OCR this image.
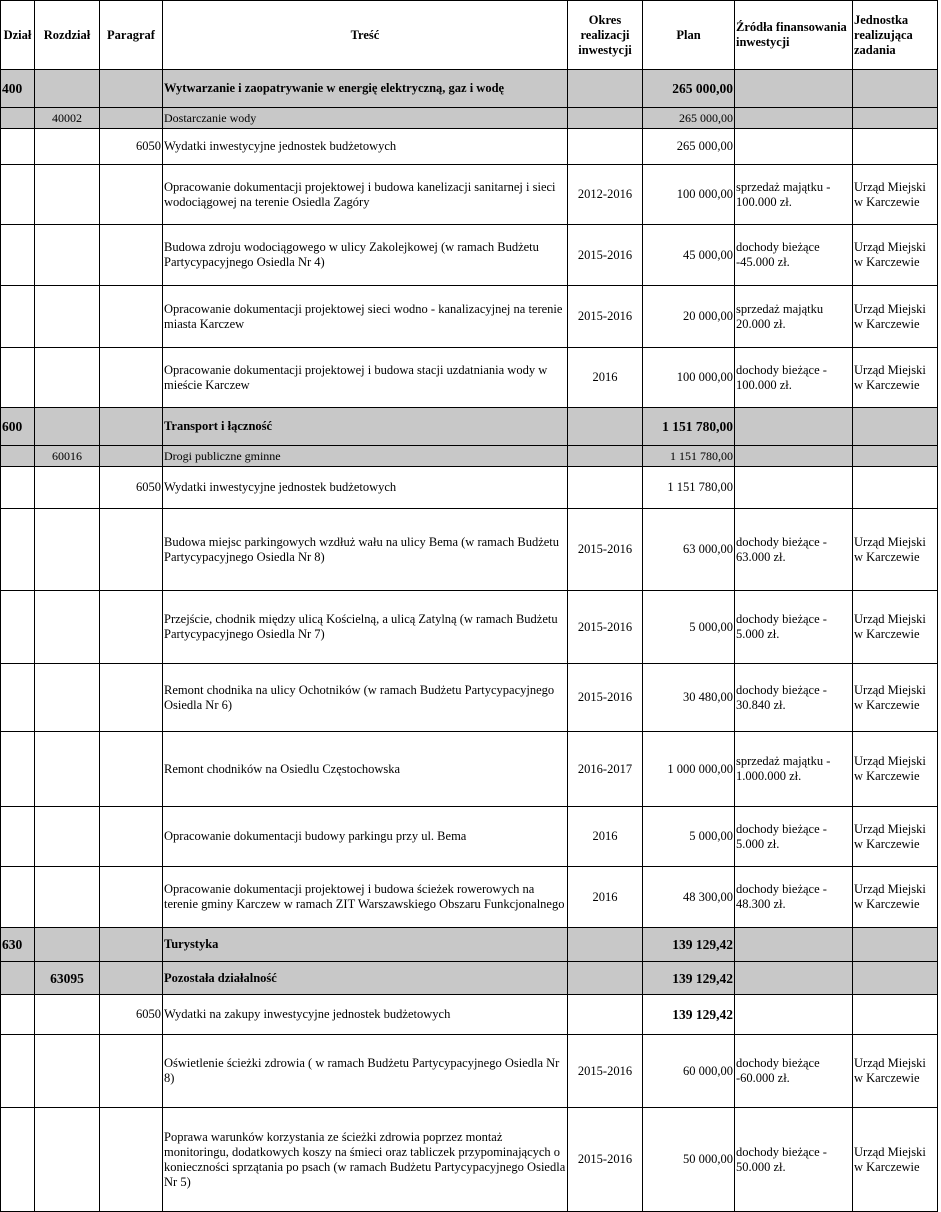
Dział	Rozdział	Paragraf	Treść	Okres realizacji inwestycji	Plan	Źródła finansowania inwestycji	Jednostka realizująca zadania
400			Wytwarzanie i zaopatrywanie w energię elektryczną, gaz i wodę		265 000,00		
	40002		Dostarczanie wody		265 000,00		
		6050	Wydatki inwestycyjne jednostek budżetowych		265 000,00		
			Opracowanie dokumentacji projektowej i budowa kanelizacji sanitarnej i sieci wodociągowej na terenie Osiedla Zagóry	2012-2016	100 000,00	sprzedaż majątku - 100.000 zł.	Urząd Miejski w Karczewie
			Budowa zdroju wodociągowego w ulicy Zakolejkowej (w ramach Budżetu Partycypacyjnego Osiedla Nr 4)	2015-2016	45 000,00	dochody bieżące -45.000 zł.	Urząd Miejski w Karczewie
			Opracowanie dokumentacji projektowej sieci wodno - kanalizacyjnej na terenie miasta Karczew	2015-2016	20 000,00	sprzedaż majątku 20.000 zł.	Urząd Miejski w Karczewie
			Opracowanie dokumentacji projektowej i budowa stacji uzdatniania wody w mieście Karczew	2016	100 000,00	dochody bieżące - 100.000 zł.	Urząd Miejski w Karczewie
600			Transport i łączność		1 151 780,00		
	60016		Drogi publiczne gminne		1 151 780,00		
		6050	Wydatki inwestycyjne jednostek budżetowych		1 151 780,00		
			Budowa miejsc parkingowych wzdłuż wału na ulicy Bema (w ramach Budżetu Partycypacyjnego Osiedla Nr 8)	2015-2016	63 000,00	dochody bieżące - 63.000 zł.	Urząd Miejski w Karczewie
			Przejście, chodnik między ulicą Kościelną, a ulicą Zatylną (w ramach Budżetu Partycypacyjnego Osiedla Nr 7)	2015-2016	5 000,00	dochody bieżące - 5.000 zł.	Urząd Miejski w Karczewie
			Remont chodnika na ulicy Ochotników (w ramach Budżetu Partycypacyjnego Osiedla Nr 6)	2015-2016	30 480,00	dochody bieżące - 30.840 zł.	Urząd Miejski w Karczewie
			Remont chodników na Osiedlu Częstochowska	2016-2017	1 000 000,00	sprzedaż majątku - 1.000.000 zł.	Urząd Miejski w Karczewie
			Opracowanie dokumentacji budowy parkingu przy ul. Bema	2016	5 000,00	dochody bieżące - 5.000 zł.	Urząd Miejski w Karczewie
			Opracowanie dokumentacji projektowej i budowa ścieżek rowerowych na terenie gminy Karczew w ramach ZIT Warszawskiego Obszaru Funkcjonalnego	2016	48 300,00	dochody bieżące - 48.300 zł.	Urząd Miejski w Karczewie
630			Turystyka		139 129,42		
	63095		Pozostała działalność		139 129,42		
		6050	Wydatki na zakupy inwestycyjne jednostek budżetowych		139 129,42		
			Oświetlenie ścieżki zdrowia ( w ramach Budżetu Partycypacyjnego Osiedla Nr 8)	2015-2016	60 000,00	dochody bieżące -60.000 zł.	Urząd Miejski w Karczewie
			Poprawa warunków korzystania ze ścieżki zdrowia poprzez montaż monitoringu, dodatkowych koszy na śmieci oraz tabliczek przypominających o konieczności sprzątania po psach (w ramach Budżetu Partycypacyjnego Osiedla Nr 5)	2015-2016	50 000,00	dochody bieżące - 50.000 zł.	Urząd Miejski w Karczewie
